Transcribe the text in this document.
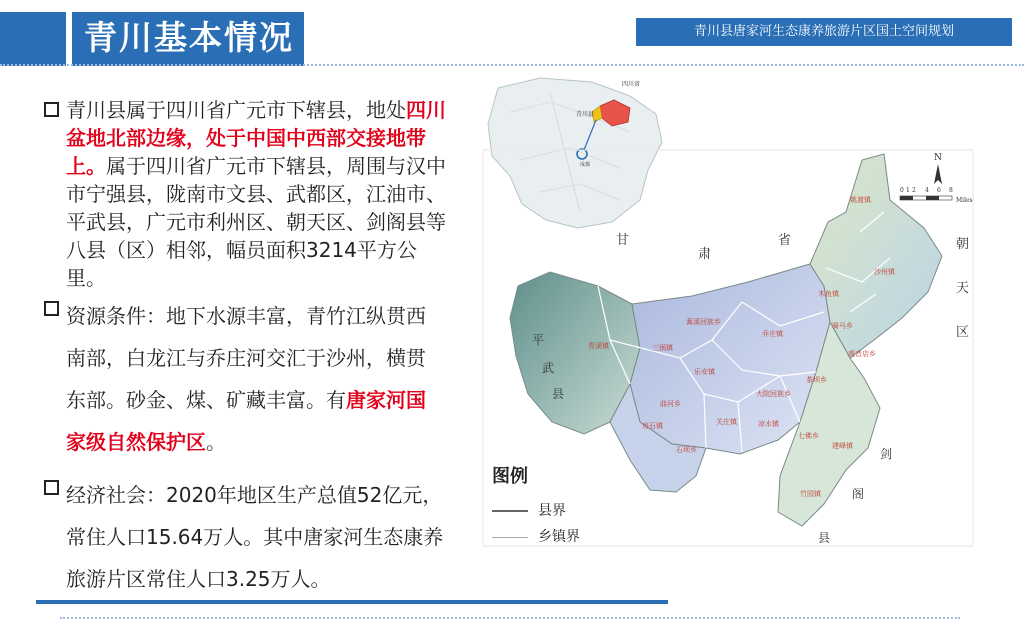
青川基本情况	青川县唐家河生态康养旅游片区国土空间规划
青川县属于四川省广元市下辖县，地处四川盆地北部边缘，处于中国中西部交接地带上。属于四川省广元市下辖县，周围与汉中市宁强县，陇南市文县、武都区，江油市、平武县，广元市利州区、朝天区、剑阁县等八县（区）相邻，幅员面积3214平方公里。
资源条件：地下水源丰富，青竹江纵贯西南部，白龙江与乔庄河交汇于沙州，横贯东部。砂金、煤、矿藏丰富。有唐家河国家级自然保护区。
经济社会：2020年地区生产总值52亿元，常住人口15.64万人。其中唐家河生态康养旅游片区常住人口3.25万人。
四川省
青川县
成都
N
0 1 2 4 6 8
Miles
甘
肃
省	朝
天
区
平
武
县
剑
阁
县
姚渡镇
沙州镇
木鱼镇
骑马乡
观音店乡
茶坝乡
乔庄镇
蒿溪回族乡
三锅镇
青溪镇
乐安镇
大院回族乡
曲河乡
房石镇	关庄镇	凉水镇
七佛乡
建峰镇
石坝乡
竹园镇
图例
县界
乡镇界
